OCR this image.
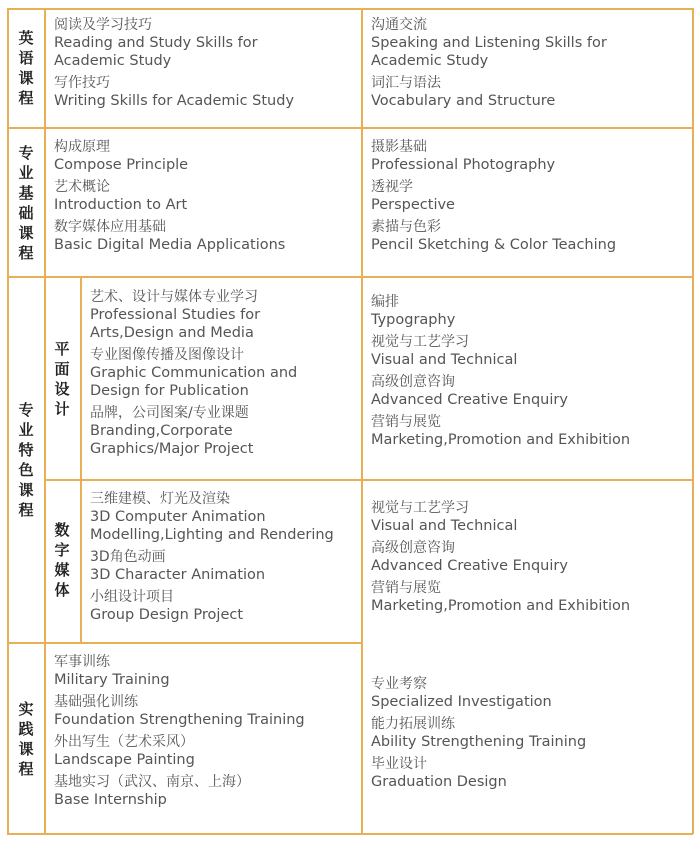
英语课程
专业基础课程
专业特色课程
实践课程
平面设计
数字媒体
阅读及学习技巧
Reading and Study Skills for
Academic Study
写作技巧
Writing Skills for Academic Study
沟通交流
Speaking and Listening Skills for
Academic Study
词汇与语法
Vocabulary and Structure
构成原理
Compose Principle
艺术概论
Introduction to Art
数字媒体应用基础
Basic Digital Media Applications
摄影基础
Professional Photography
透视学
Perspective
素描与色彩
Pencil Sketching & Color Teaching
艺术、设计与媒体专业学习
Professional Studies for
Arts,Design and Media
专业图像传播及图像设计
Graphic Communication and
Design for Publication
品牌，公司图案/专业课题
Branding,Corporate
Graphics/Major Project
编排
Typography
视觉与工艺学习
Visual and Technical
高级创意咨询
Advanced Creative Enquiry
营销与展览
Marketing,Promotion and Exhibition
三维建模、灯光及渲染
3D Computer Animation
Modelling,Lighting and Rendering
3D角色动画
3D Character Animation
小组设计项目
Group Design Project
视觉与工艺学习
Visual and Technical
高级创意咨询
Advanced Creative Enquiry
营销与展览
Marketing,Promotion and Exhibition
军事训练
Military Training
基础强化训练
Foundation Strengthening Training
外出写生（艺术采风）
Landscape Painting
基地实习（武汉、南京、上海）
Base Internship
专业考察
Specialized Investigation
能力拓展训练
Ability Strengthening Training
毕业设计
Graduation Design
